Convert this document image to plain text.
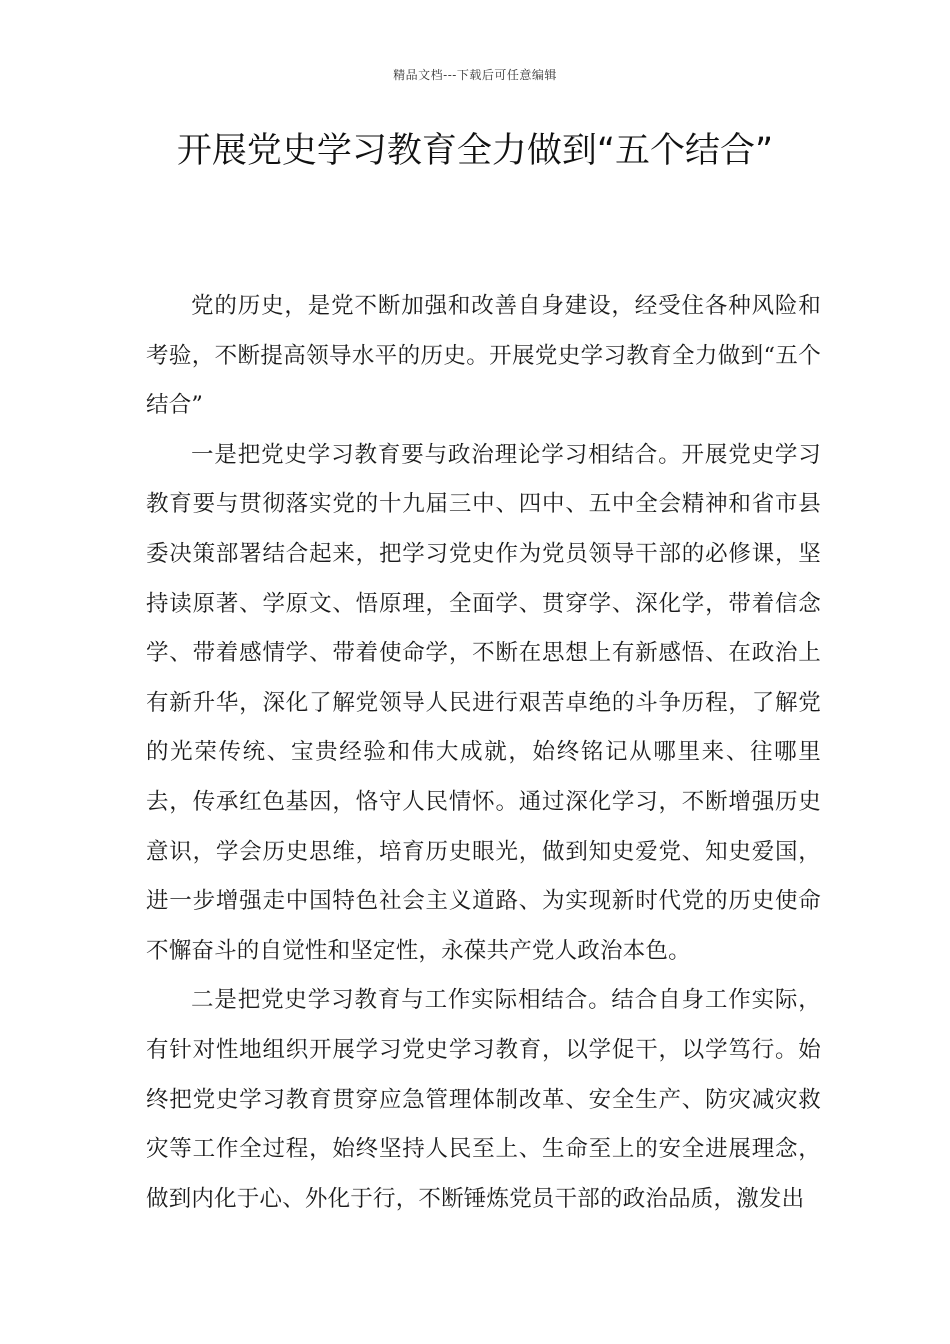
精品文档---下载后可任意编辑
开展党史学习教育全力做到“五个结合”

党的历史，是党不断加强和改善自身建设，经受住各种风险和考验，不断提高领导水平的历史。开展党史学习教育全力做到“五个结合”

一是把党史学习教育要与政治理论学习相结合。开展党史学习教育要与贯彻落实党的十九届三中、四中、五中全会精神和省市县委决策部署结合起来，把学习党史作为党员领导干部的必修课，坚持读原著、学原文、悟原理，全面学、贯穿学、深化学，带着信念学、带着感情学、带着使命学，不断在思想上有新感悟、在政治上有新升华，深化了解党领导人民进行艰苦卓绝的斗争历程，了解党的光荣传统、宝贵经验和伟大成就，始终铭记从哪里来、往哪里去，传承红色基因，恪守人民情怀。通过深化学习，不断增强历史意识，学会历史思维，培育历史眼光，做到知史爱党、知史爱国，进一步增强走中国特色社会主义道路、为实现新时代党的历史使命不懈奋斗的自觉性和坚定性，永葆共产党人政治本色。

二是把党史学习教育与工作实际相结合。结合自身工作实际，有针对性地组织开展学习党史学习教育，以学促干，以学笃行。始终把党史学习教育贯穿应急管理体制改革、安全生产、防灾减灾救灾等工作全过程，始终坚持人民至上、生命至上的安全进展理念，做到内化于心、外化于行，不断锤炼党员干部的政治品质，激发出
